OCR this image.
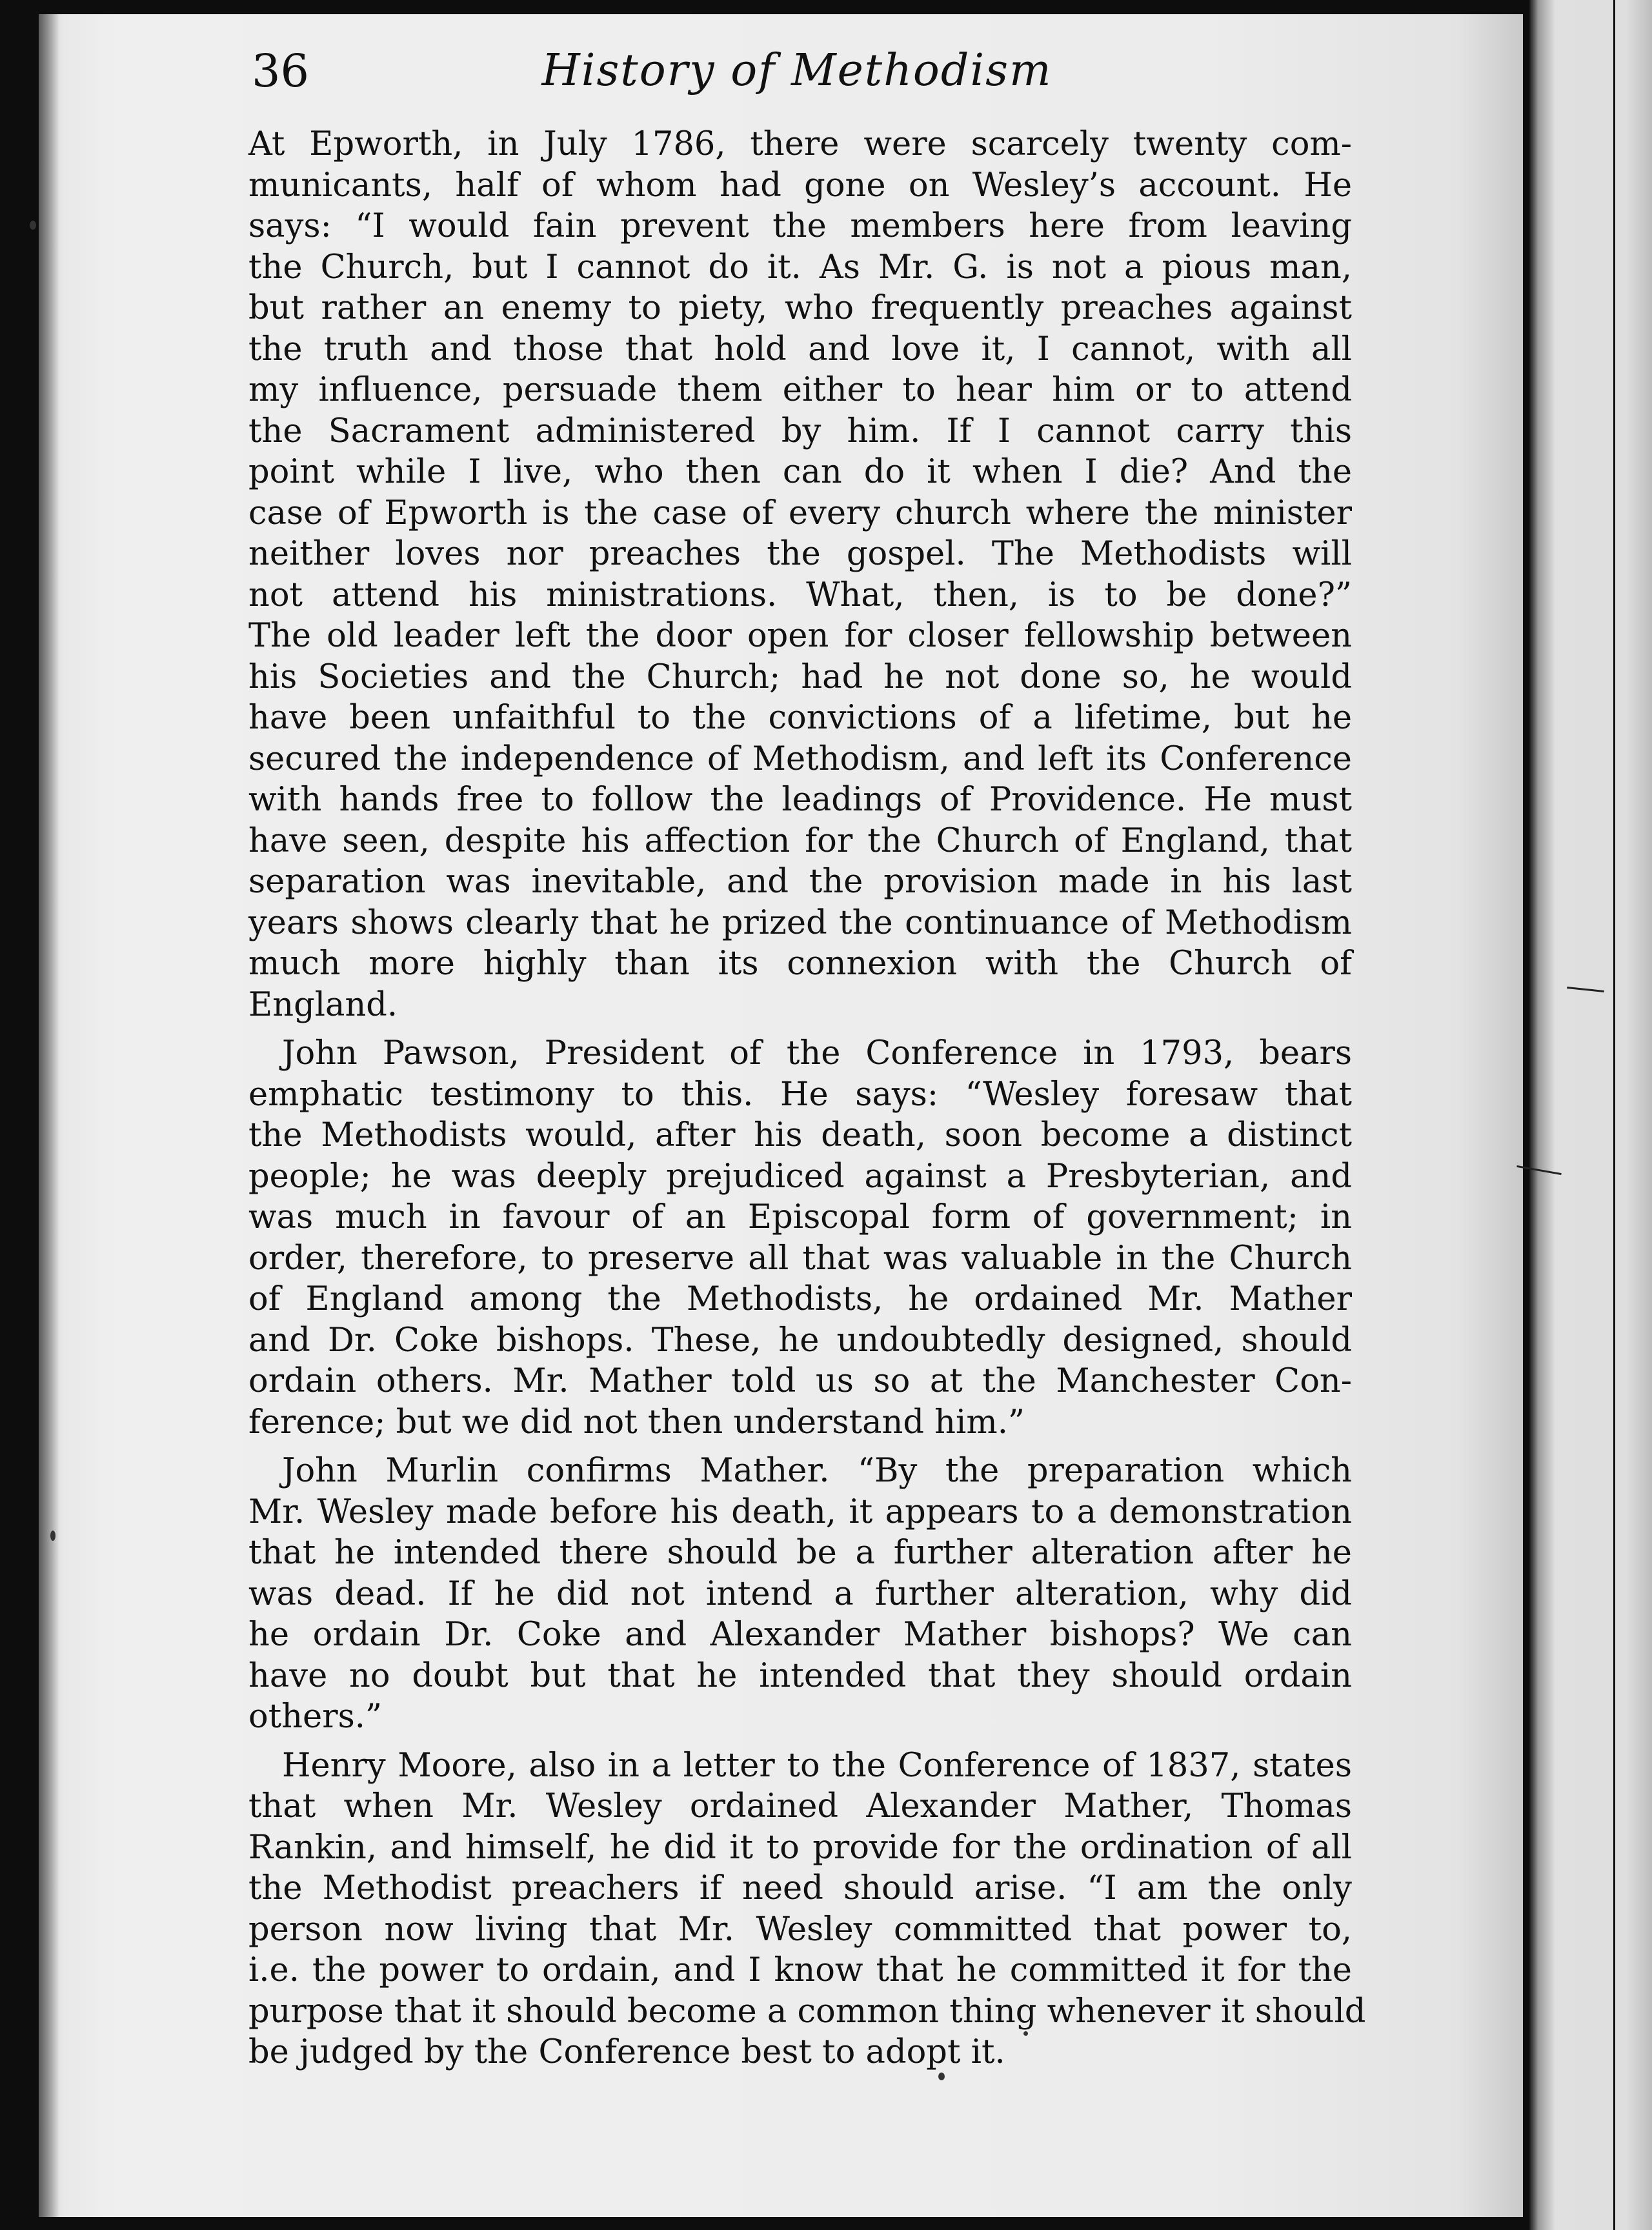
36	History of Methodism
At Epworth, in July 1786, there were scarcely twenty com-
municants, half of whom had gone on Wesley’s account. He
says: “I would fain prevent the members here from leaving
the Church, but I cannot do it. As Mr. G. is not a pious man,
but rather an enemy to piety, who frequently preaches against
the truth and those that hold and love it, I cannot, with all
my influence, persuade them either to hear him or to attend
the Sacrament administered by him. If I cannot carry this
point while I live, who then can do it when I die? And the
case of Epworth is the case of every church where the minister
neither loves nor preaches the gospel. The Methodists will
not attend his ministrations. What, then, is to be done?”
The old leader left the door open for closer fellowship between
his Societies and the Church; had he not done so, he would
have been unfaithful to the convictions of a lifetime, but he
secured the independence of Methodism, and left its Conference
with hands free to follow the leadings of Providence. He must
have seen, despite his affection for the Church of England, that
separation was inevitable, and the provision made in his last
years shows clearly that he prized the continuance of Methodism
much more highly than its connexion with the Church of
England.
John Pawson, President of the Conference in 1793, bears
emphatic testimony to this. He says: “Wesley foresaw that
the Methodists would, after his death, soon become a distinct
people; he was deeply prejudiced against a Presbyterian, and
was much in favour of an Episcopal form of government; in
order, therefore, to preserve all that was valuable in the Church
of England among the Methodists, he ordained Mr. Mather
and Dr. Coke bishops. These, he undoubtedly designed, should
ordain others. Mr. Mather told us so at the Manchester Con-
ference; but we did not then understand him.”
John Murlin confirms Mather. “By the preparation which
Mr. Wesley made before his death, it appears to a demonstration
that he intended there should be a further alteration after he
was dead. If he did not intend a further alteration, why did
he ordain Dr. Coke and Alexander Mather bishops? We can
have no doubt but that he intended that they should ordain
others.”
Henry Moore, also in a letter to the Conference of 1837, states
that when Mr. Wesley ordained Alexander Mather, Thomas
Rankin, and himself, he did it to provide for the ordination of all
the Methodist preachers if need should arise. “I am the only
person now living that Mr. Wesley committed that power to,
i.e. the power to ordain, and I know that he committed it for the
purpose that it should become a common thing whenever it should
be judged by the Conference best to adopt it.
